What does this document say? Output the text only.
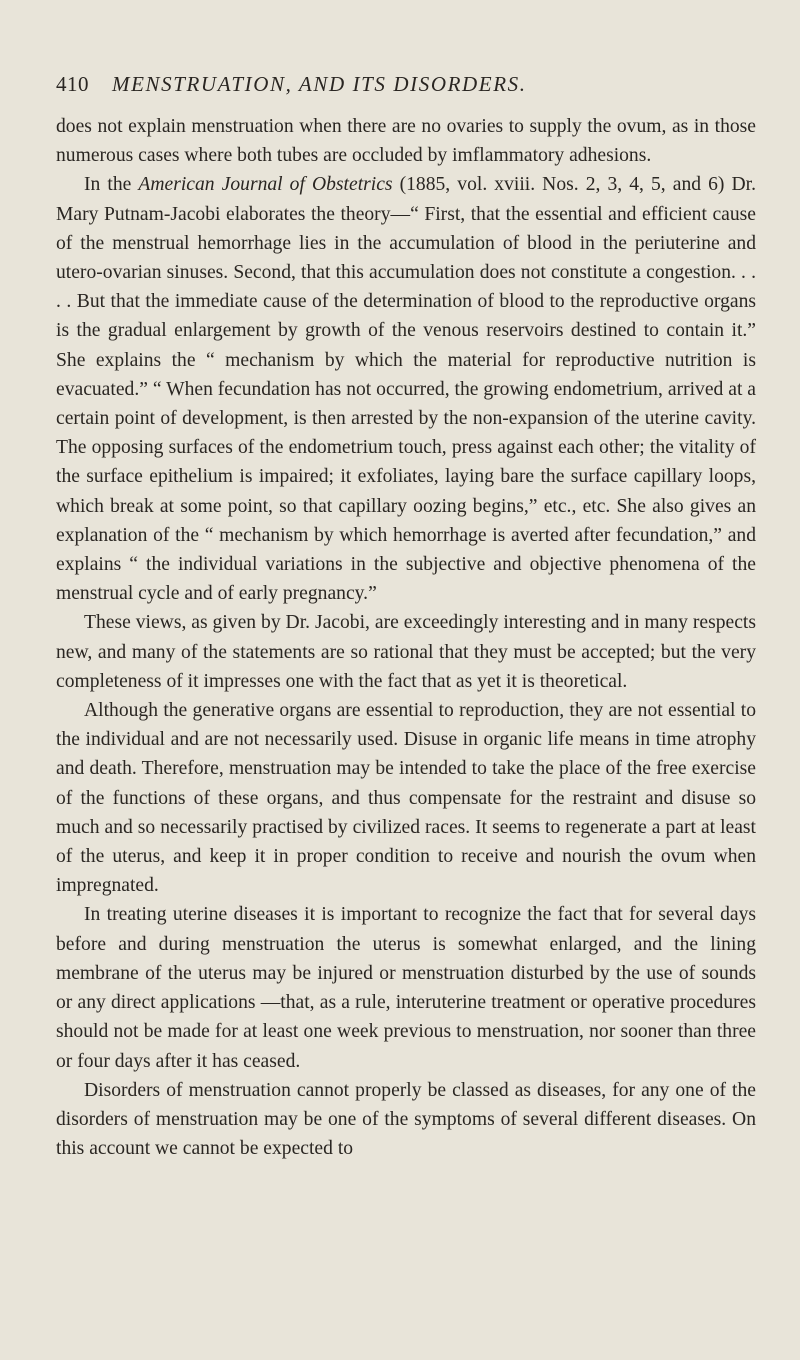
410 MENSTRUATION, AND ITS DISORDERS.

does not explain menstruation when there are no ovaries to supply the ovum, as in those numerous cases where both tubes are occluded by imflammatory adhesions.

In the American Journal of Obstetrics (1885, vol. xviii. Nos. 2, 3, 4, 5, and 6) Dr. Mary Putnam-Jacobi elaborates the theory—“ First, that the essential and efficient cause of the menstrual hemorrhage lies in the accumulation of blood in the periuterine and utero-ovarian sinuses. Second, that this accumulation does not constitute a congestion. . . . . But that the immediate cause of the determination of blood to the reproductive organs is the gradual enlargement by growth of the venous reservoirs destined to contain it.” She explains the “ mechanism by which the material for reproductive nutrition is evacuated.” “ When fecundation has not occurred, the growing endometrium, arrived at a certain point of development, is then arrested by the non-expansion of the uterine cavity. The opposing surfaces of the endometrium touch, press against each other; the vitality of the surface epithelium is impaired; it exfoliates, laying bare the surface capillary loops, which break at some point, so that capillary oozing begins,” etc., etc. She also gives an explanation of the “ mechanism by which hemorrhage is averted after fecundation,” and explains “ the individual variations in the subjective and objective phenomena of the menstrual cycle and of early pregnancy.”

These views, as given by Dr. Jacobi, are exceedingly interesting and in many respects new, and many of the statements are so rational that they must be accepted; but the very completeness of it impresses one with the fact that as yet it is theoretical.

Although the generative organs are essential to reproduction, they are not essential to the individual and are not necessarily used. Disuse in organic life means in time atrophy and death. Therefore, menstruation may be intended to take the place of the free exercise of the functions of these organs, and thus compensate for the restraint and disuse so much and so necessarily practised by civilized races. It seems to regenerate a part at least of the uterus, and keep it in proper condition to receive and nourish the ovum when impregnated.

In treating uterine diseases it is important to recognize the fact that for several days before and during menstruation the uterus is somewhat enlarged, and the lining membrane of the uterus may be injured or menstruation disturbed by the use of sounds or any direct applications —that, as a rule, interuterine treatment or operative procedures should not be made for at least one week previous to menstruation, nor sooner than three or four days after it has ceased.

Disorders of menstruation cannot properly be classed as diseases, for any one of the disorders of menstruation may be one of the symptoms of several different diseases. On this account we cannot be expected to
